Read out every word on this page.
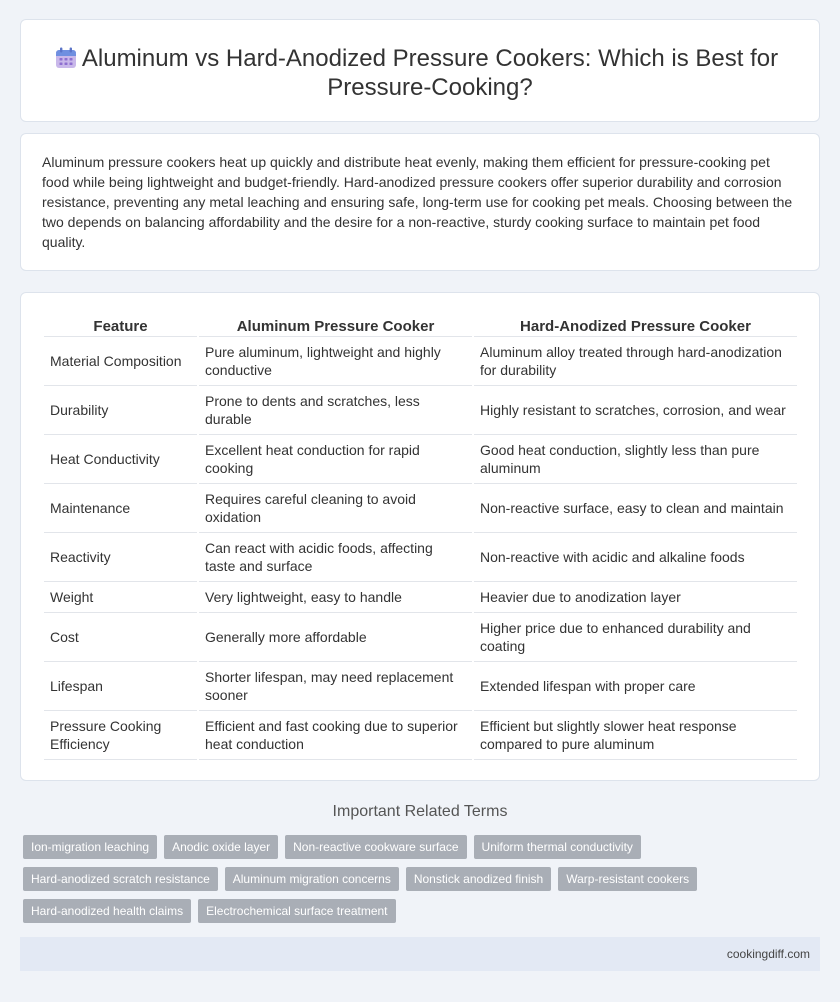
Aluminum vs Hard-Anodized Pressure Cookers: Which is Best for Pressure-Cooking?

Aluminum pressure cookers heat up quickly and distribute heat evenly, making them efficient for pressure-cooking pet food while being lightweight and budget-friendly. Hard-anodized pressure cookers offer superior durability and corrosion resistance, preventing any metal leaching and ensuring safe, long-term use for cooking pet meals. Choosing between the two depends on balancing affordability and the desire for a non-reactive, sturdy cooking surface to maintain pet food quality.

Feature	Aluminum Pressure Cooker	Hard-Anodized Pressure Cooker
Material Composition	Pure aluminum, lightweight and highly conductive	Aluminum alloy treated through hard-anodization for durability
Durability	Prone to dents and scratches, less durable	Highly resistant to scratches, corrosion, and wear
Heat Conductivity	Excellent heat conduction for rapid cooking	Good heat conduction, slightly less than pure aluminum
Maintenance	Requires careful cleaning to avoid oxidation	Non-reactive surface, easy to clean and maintain
Reactivity	Can react with acidic foods, affecting taste and surface	Non-reactive with acidic and alkaline foods
Weight	Very lightweight, easy to handle	Heavier due to anodization layer
Cost	Generally more affordable	Higher price due to enhanced durability and coating
Lifespan	Shorter lifespan, may need replacement sooner	Extended lifespan with proper care
Pressure Cooking Efficiency	Efficient and fast cooking due to superior heat conduction	Efficient but slightly slower heat response compared to pure aluminum
Important Related Terms
Ion-migration leaching	Anodic oxide layer	Non-reactive cookware surface	Uniform thermal conductivity
Hard-anodized scratch resistance	Aluminum migration concerns	Nonstick anodized finish	Warp-resistant cookers
Hard-anodized health claims	Electrochemical surface treatment
cookingdiff.com
